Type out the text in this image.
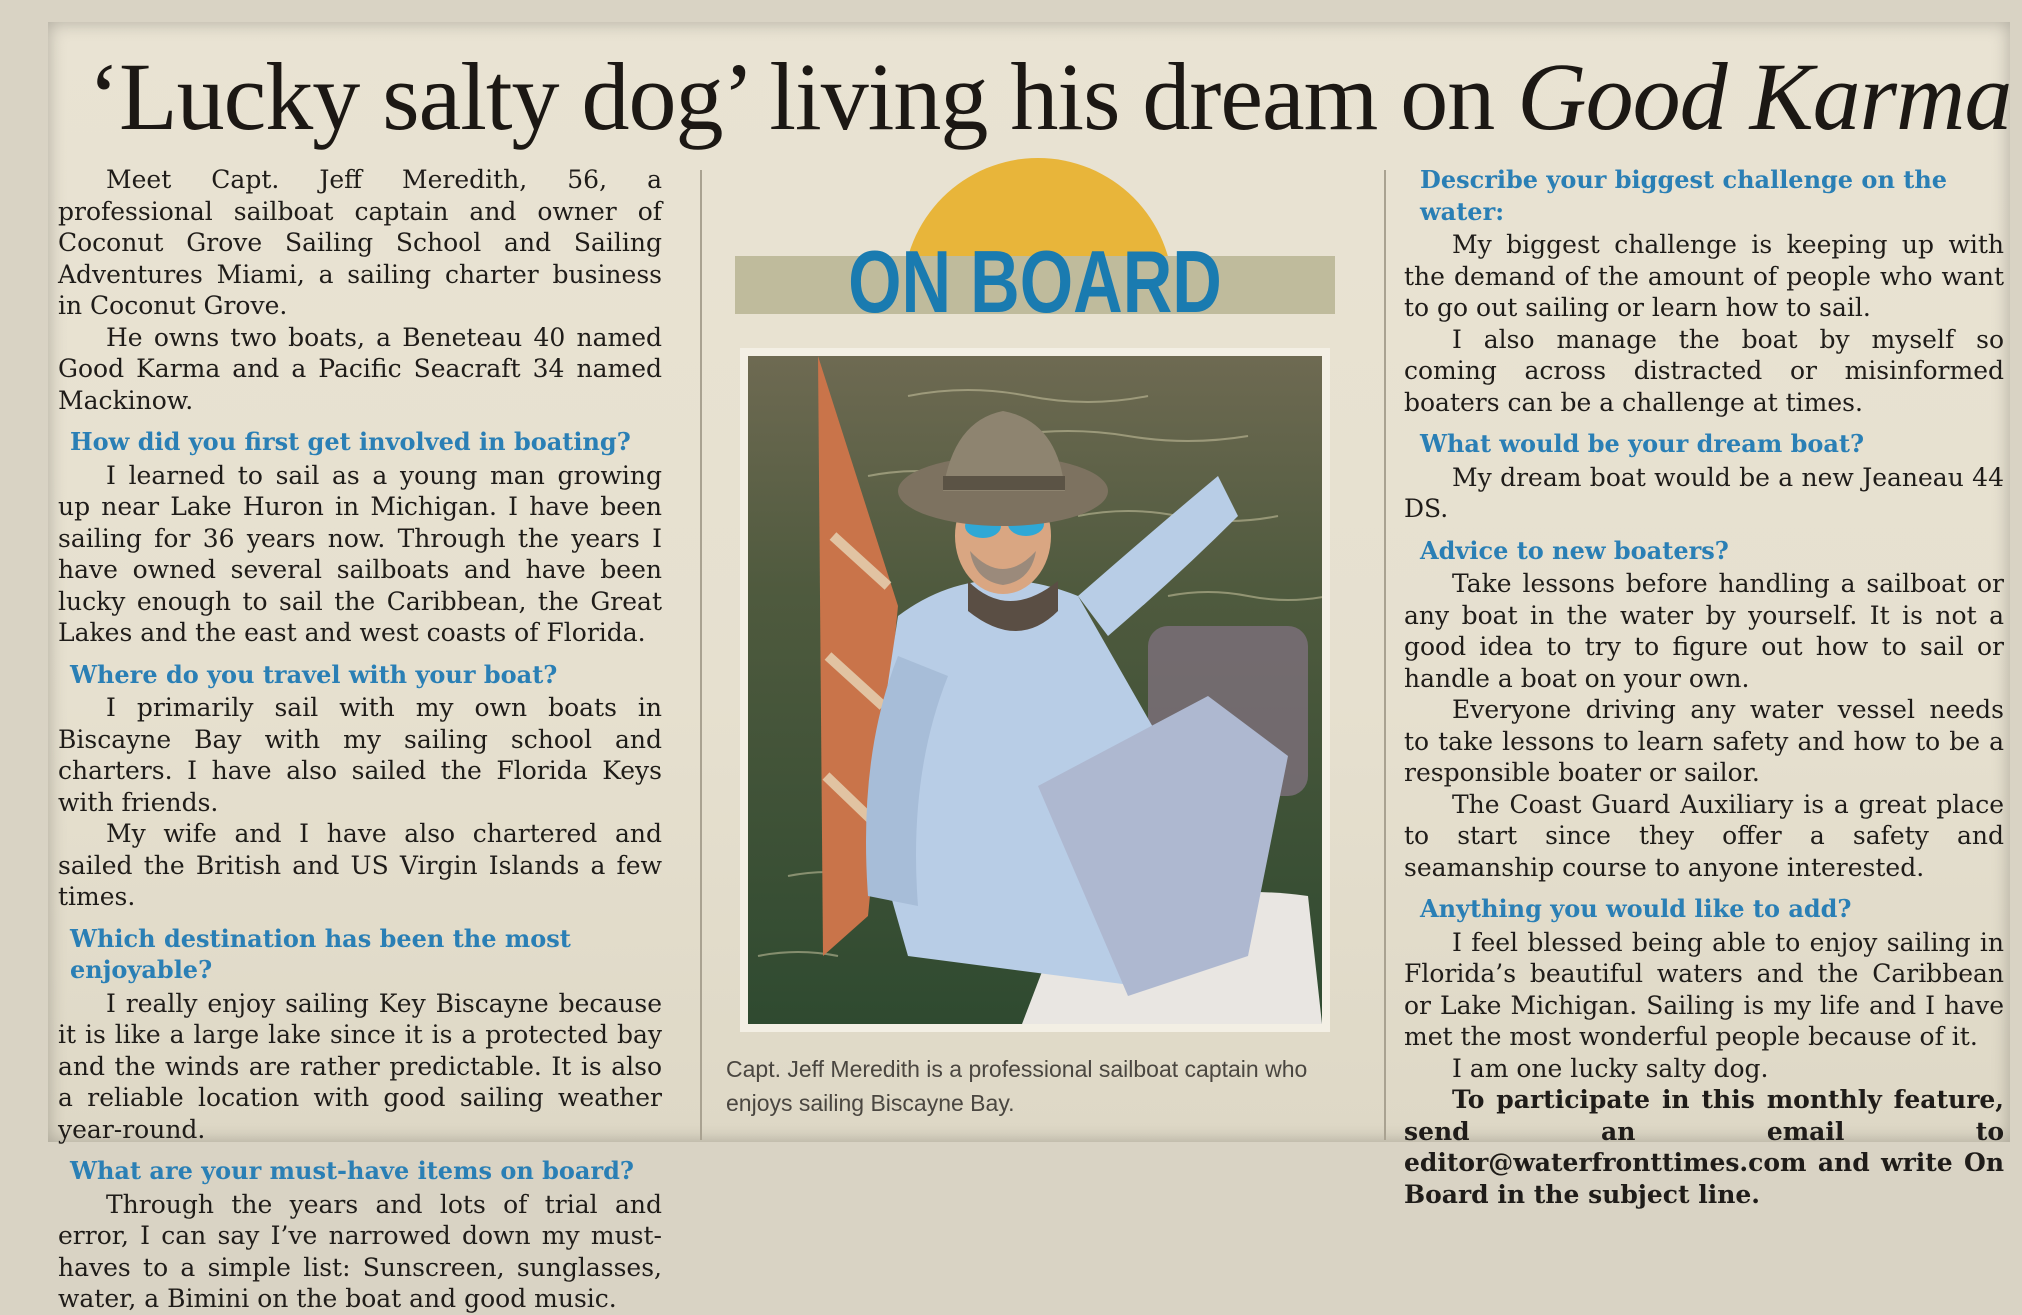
‘Lucky salty dog’ living his dream on Good Karma

Meet Capt. Jeff Meredith, 56, a professional sailboat captain and owner of Coconut Grove Sailing School and Sailing Adventures Miami, a sailing charter business in Coconut Grove.

He owns two boats, a Beneteau 40 named Good Karma and a Pacific Seacraft 34 named Mackinow.

How did you first get involved in boating?

I learned to sail as a young man growing up near Lake Huron in Michigan. I have been sailing for 36 years now. Through the years I have owned several sailboats and have been lucky enough to sail the Caribbean, the Great Lakes and the east and west coasts of Florida.

Where do you travel with your boat?

I primarily sail with my own boats in Biscayne Bay with my sailing school and charters. I have also sailed the Florida Keys with friends.

My wife and I have also chartered and sailed the British and US Virgin Islands a few times.

Which destination has been the most enjoyable?

I really enjoy sailing Key Biscayne because it is like a large lake since it is a protected bay and the winds are rather predictable. It is also a reliable location with good sailing weather year-round.

What are your must-have items on board?

Through the years and lots of trial and error, I can say I’ve narrowed down my must-haves to a simple list: Sunscreen, sunglasses, water, a Bimini on the boat and good music.

ON BOARD
Capt. Jeff Meredith is a professional sailboat captain who enjoys sailing Biscayne Bay.
Describe your biggest challenge on the water:

My biggest challenge is keeping up with the demand of the amount of people who want to go out sailing or learn how to sail.

I also manage the boat by myself so coming across distracted or misinformed boaters can be a challenge at times.

What would be your dream boat?

My dream boat would be a new Jeaneau 44 DS.

Advice to new boaters?

Take lessons before handling a sailboat or any boat in the water by yourself. It is not a good idea to try to figure out how to sail or handle a boat on your own.

Everyone driving any water vessel needs to take lessons to learn safety and how to be a responsible boater or sailor.

The Coast Guard Auxiliary is a great place to start since they offer a safety and seamanship course to anyone interested.

Anything you would like to add?

I feel blessed being able to enjoy sailing in Florida’s beautiful waters and the Caribbean or Lake Michigan. Sailing is my life and I have met the most wonderful people because of it.

I am one lucky salty dog.

To participate in this monthly feature, send an email to editor@waterfronttimes.com and write On Board in the subject line.
